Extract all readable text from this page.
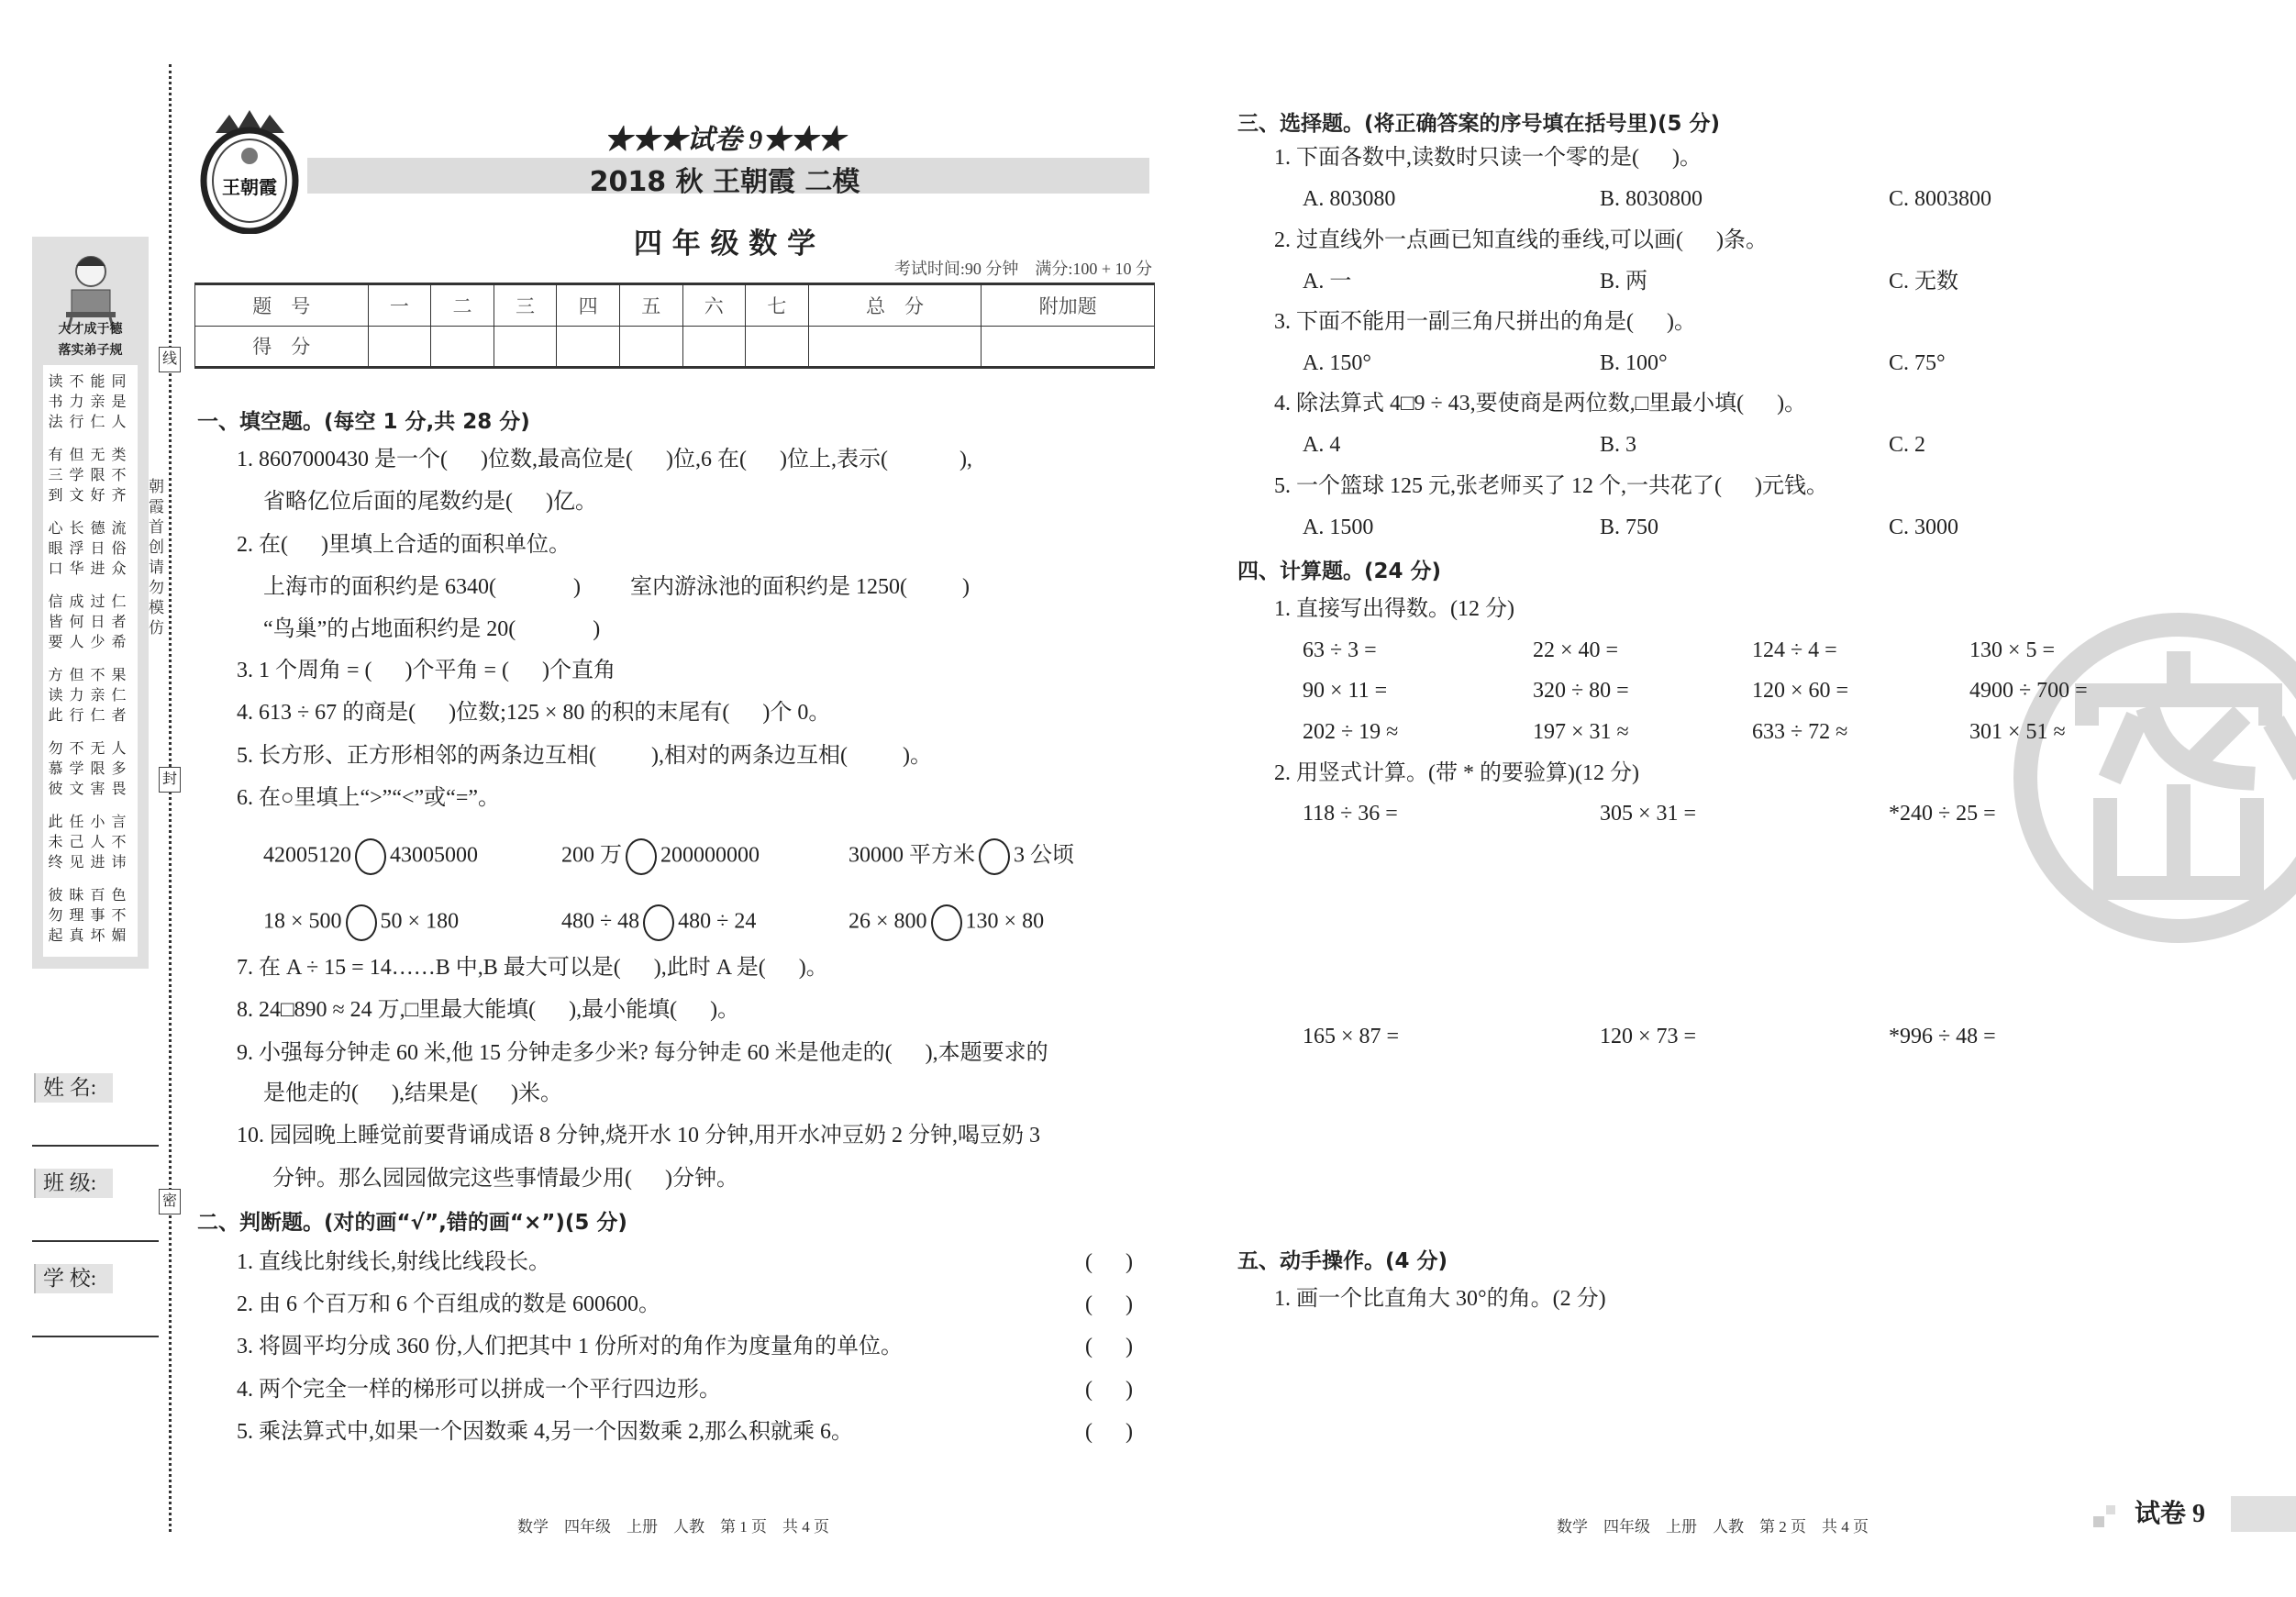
线
封
密
朝霞首创 请勿模仿
大才成于德
落实弟子规
读不能同
书力亲是
法行仁人
有但无类
三学限不
到文好齐
心长德流
眼浮日俗
口华进众
信成过仁
皆何日者
要人少希
方但不果
读力亲仁
此行仁者
勿不无人
慕学限多
彼文害畏
此任小言
未己人不
终见进讳
彼昧百色
勿理事不
起真坏媚
姓 名:
班 级:
学 校:
王朝霞
★★★试卷 9★★★
2018 秋 王朝霞 二模
四 年 级 数 学
考试时间:90 分钟　满分:100 + 10 分
题　号	一	二	三	四	五	六	七	总　分	附加题
得　分									
一、填空题。(每空 1 分,共 28 分)
1. 8607000430 是一个(      )位数,最高位是(      )位,6 在(      )位上,表示(             ),
省略亿位后面的尾数约是(      )亿。
2. 在(      )里填上合适的面积单位。
上海市的面积约是 6340(              )         室内游泳池的面积约是 1250(          )
“鸟巢”的占地面积约是 20(              )
3. 1 个周角 = (      )个平角 = (      )个直角
4. 613 ÷ 67 的商是(      )位数;125 × 80 的积的末尾有(      )个 0。
5. 长方形、正方形相邻的两条边互相(          ),相对的两条边互相(          )。
6. 在○里填上“>”“<”或“=”。
7. 在 A ÷ 15 = 14……B 中,B 最大可以是(      ),此时 A 是(      )。
8. 24□890 ≈ 24 万,□里最大能填(      ),最小能填(      )。
9. 小强每分钟走 60 米,他 15 分钟走多少米? 每分钟走 60 米是他走的(      ),本题要求的
是他走的(      ),结果是(      )米。
10. 园园晚上睡觉前要背诵成语 8 分钟,烧开水 10 分钟,用开水冲豆奶 2 分钟,喝豆奶 3
分钟。那么园园做完这些事情最少用(      )分钟。
42005120 43005000	200 万 200000000	30000 平方米 3 公顷
18 × 500 50 × 180	480 ÷ 48 480 ÷ 24	26 × 800 130 × 80
二、判断题。(对的画“√”,错的画“×”)(5 分)
1. 直线比射线长,射线比线段长。	(      )
2. 由 6 个百万和 6 个百组成的数是 600600。	(      )
3. 将圆平均分成 360 份,人们把其中 1 份所对的角作为度量角的单位。	(      )
4. 两个完全一样的梯形可以拼成一个平行四边形。	(      )
5. 乘法算式中,如果一个因数乘 4,另一个因数乘 2,那么积就乘 6。	(      )
数学　四年级　上册　人教　第 1 页　共 4 页
三、选择题。(将正确答案的序号填在括号里)(5 分)
1. 下面各数中,读数时只读一个零的是(      )。
A. 803080	B. 8030800	C. 8003800
2. 过直线外一点画已知直线的垂线,可以画(      )条。
A. 一	B. 两	C. 无数
3. 下面不能用一副三角尺拼出的角是(      )。
A. 150°	B. 100°	C. 75°
4. 除法算式 4□9 ÷ 43,要使商是两位数,□里最小填(      )。
A. 4	B. 3	C. 2
5. 一个篮球 125 元,张老师买了 12 个,一共花了(      )元钱。
A. 1500	B. 750	C. 3000
四、计算题。(24 分)
1. 直接写出得数。(12 分)
2. 用竖式计算。(带 * 的要验算)(12 分)
63 ÷ 3 =	22 × 40 =	124 ÷ 4 =	130 × 5 =
90 × 11 =	320 ÷ 80 =	120 × 60 =	4900 ÷ 700 =
202 ÷ 19 ≈	197 × 31 ≈	633 ÷ 72 ≈	301 × 51 ≈
118 ÷ 36 =	305 × 31 =	*240 ÷ 25 =
165 × 87 =	120 × 73 =	*996 ÷ 48 =
五、动手操作。(4 分)
1. 画一个比直角大 30°的角。(2 分)
数学　四年级　上册　人教　第 2 页　共 4 页	试卷 9
